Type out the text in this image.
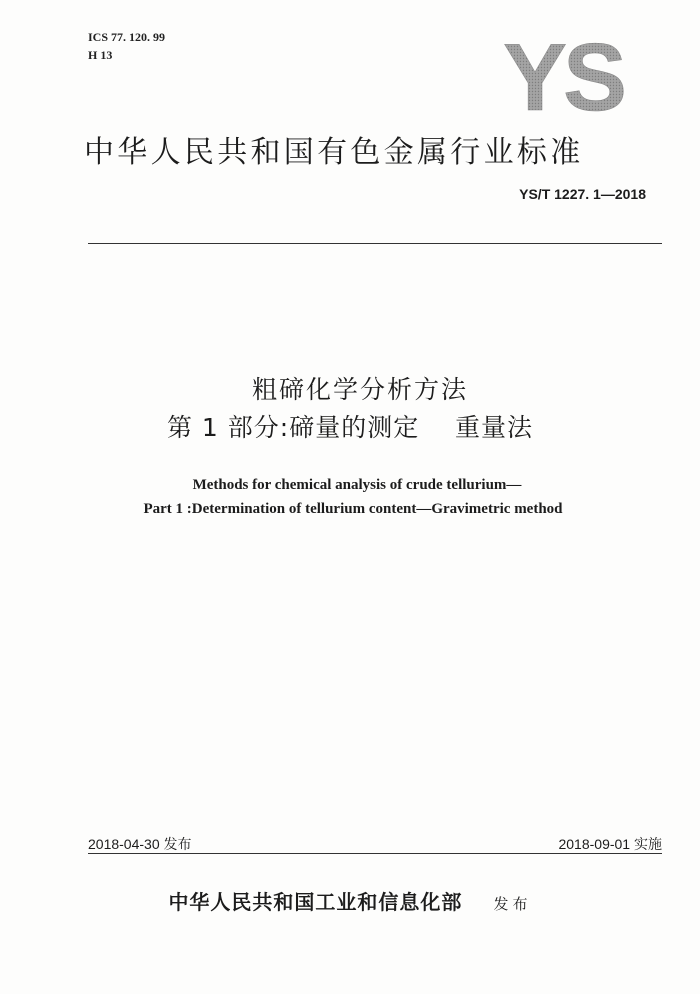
ICS 77. 120. 99
H 13	YS
中华人民共和国有色金属行业标准
YS/T 1227. 1—2018
粗碲化学分析方法
第 1 部分:碲量的测定    重量法
Methods for chemical analysis of crude tellurium—
Part 1 :Determination of tellurium content—Gravimetric method
2018-04-30 发布	2018-09-01 实施
中华人民共和国工业和信息化部 发布
